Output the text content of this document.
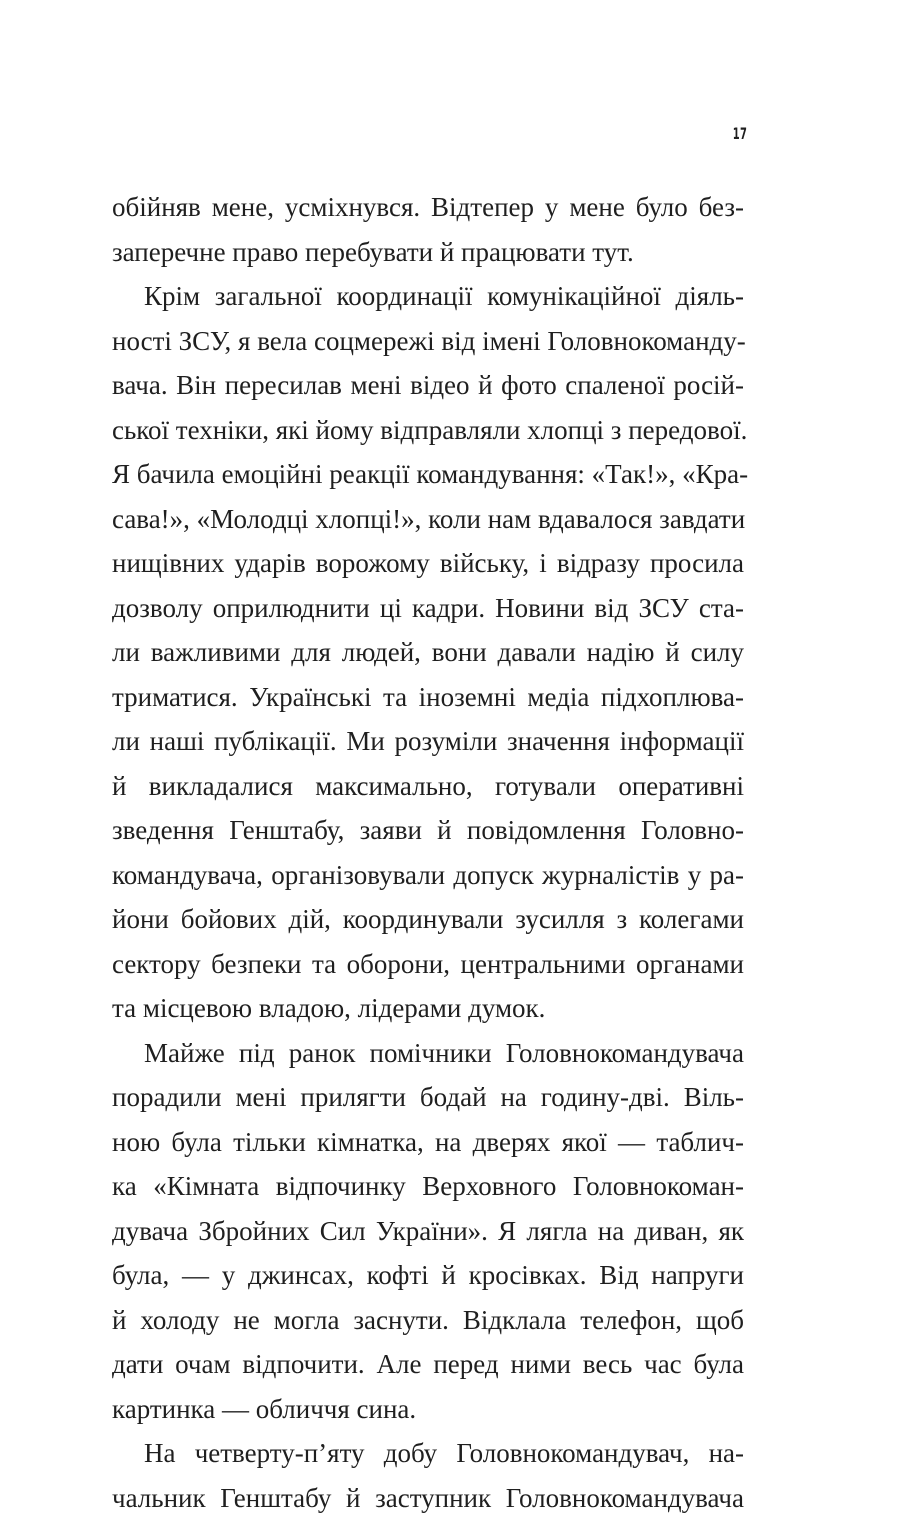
17
обійняв мене, усміхнувся. Відтепер у мене було без-
заперечне право перебувати й працювати тут.
Крім загальної координації комунікаційної діяль-
ності ЗСУ, я вела соцмережі від імені Головнокоманду-
вача. Він пересилав мені відео й фото спаленої росій-
ської техніки, які йому відправляли хлопці з передової.
Я бачила емоційні реакції командування: «Так!», «Кра-
сава!», «Молодці хлопці!», коли нам вдавалося завдати
нищівних ударів ворожому війську, і відразу просила
дозволу оприлюднити ці кадри. Новини від ЗСУ ста-
ли важливими для людей, вони давали надію й силу
триматися. Українські та іноземні медіа підхоплюва-
ли наші публікації. Ми розуміли значення інформації
й викладалися максимально, готували оперативні
зведення Генштабу, заяви й повідомлення Головно-
командувача, організовували допуск журналістів у ра-
йони бойових дій, координували зусилля з колегами
сектору безпеки та оборони, центральними органами
та місцевою владою, лідерами думок.
Майже під ранок помічники Головнокомандувача
порадили мені прилягти бодай на годину-дві. Віль-
ною була тільки кімнатка, на дверях якої — таблич-
ка «Кімната відпочинку Верховного Головнокоман-
дувача Збройних Сил України». Я лягла на диван, як
була, — у джинсах, кофті й кросівках. Від напруги
й холоду не могла заснути. Відклала телефон, щоб
дати очам відпочити. Але перед ними весь час була
картинка — обличчя сина.
На четверту-п’яту добу Головнокомандувач, на-
чальник Генштабу й заступник Головнокомандувача
